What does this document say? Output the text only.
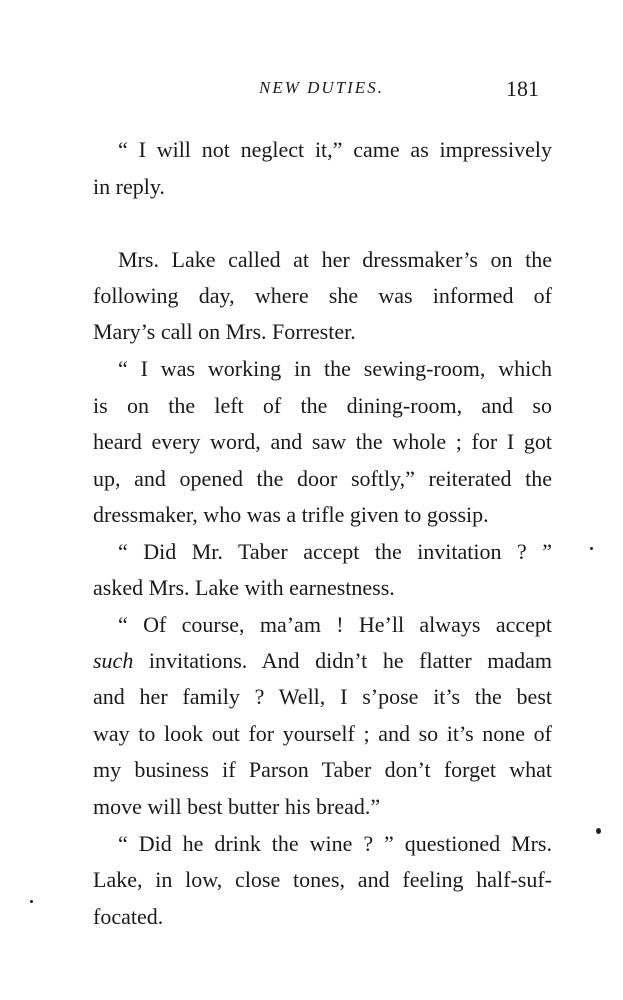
NEW DUTIES.	181
“ I will not neglect it,” came as impressively
in reply.
Mrs. Lake called at her dressmaker’s on the
following day, where she was informed of
Mary’s call on Mrs. Forrester.
“ I was working in the sewing-room, which
is on the left of the dining-room, and so
heard every word, and saw the whole ; for I got
up, and opened the door softly,” reiterated the
dressmaker, who was a trifle given to gossip.
“ Did Mr. Taber accept the invitation ? ”
asked Mrs. Lake with earnestness.
“ Of course, ma’am ! He’ll always accept
such invitations. And didn’t he flatter madam
and her family ? Well, I s’pose it’s the best
way to look out for yourself ; and so it’s none of
my business if Parson Taber don’t forget what
move will best butter his bread.”
“ Did he drink the wine ? ” questioned Mrs.
Lake, in low, close tones, and feeling half-suf-
focated.
